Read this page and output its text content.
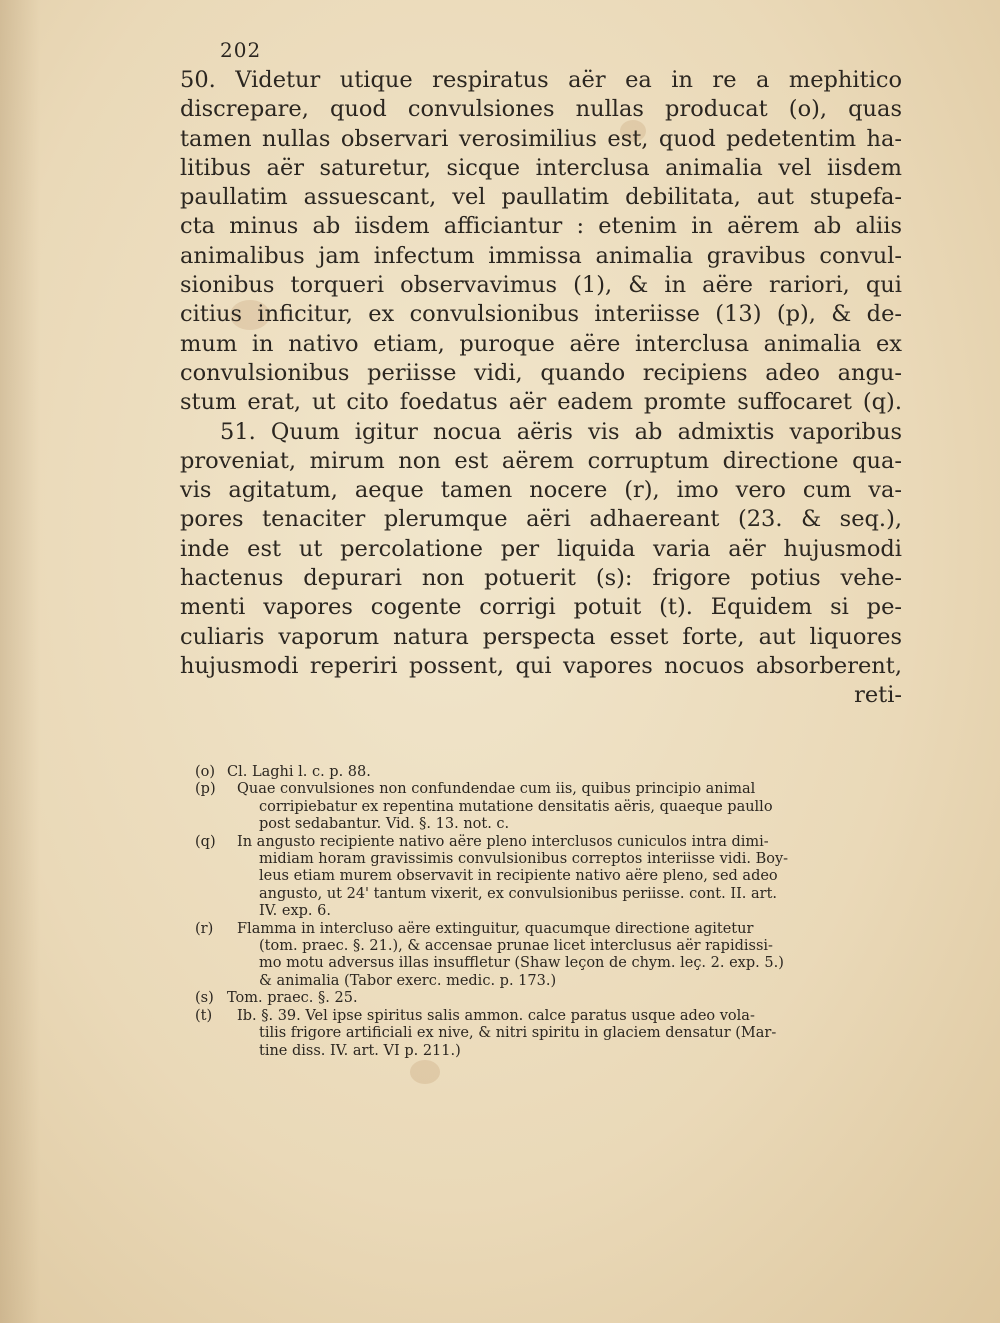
202
50. Videtur utique respiratus aër ea in re a mephitico
discrepare, quod convulsiones nullas producat (o), quas
tamen nullas observari verosimilius est, quod pedetentim ha-
litibus aër saturetur, sicque interclusa animalia vel iisdem
paullatim assuescant, vel paullatim debilitata, aut stupefa-
cta minus ab iisdem afficiantur : etenim in aërem ab aliis
animalibus jam infectum immissa animalia gravibus convul-
sionibus torqueri observavimus (1), & in aëre rariori, qui
citius inficitur, ex convulsionibus interiisse (13) (p), & de-
mum in nativo etiam, puroque aëre interclusa animalia ex
convulsionibus periisse vidi, quando recipiens adeo angu-
stum erat, ut cito foedatus aër eadem promte suffocaret (q).
51. Quum igitur nocua aëris vis ab admixtis vaporibus
proveniat, mirum non est aërem corruptum directione qua-
vis agitatum, aeque tamen nocere (r), imo vero cum va-
pores tenaciter plerumque aëri adhaereant (23. & seq.),
inde est ut percolatione per liquida varia aër hujusmodi
hactenus depurari non potuerit (s): frigore potius vehe-
menti vapores cogente corrigi potuit (t). Equidem si pe-
culiaris vaporum natura perspecta esset forte, aut liquores
hujusmodi reperiri possent, qui vapores nocuos absorberent,
reti-
(o) Cl. Laghi l. c. p. 88.
(p)	Quae convulsiones non confundendae cum iis, quibus principio animal
corripiebatur ex repentina mutatione densitatis aëris, quaeque paullo
post sedabantur. Vid. §. 13. not. c.
(q)	In angusto recipiente nativo aëre pleno interclusos cuniculos intra dimi-
midiam horam gravissimis convulsionibus correptos interiisse vidi. Boy-
leus etiam murem observavit in recipiente nativo aëre pleno, sed adeo
angusto, ut 24' tantum vixerit, ex convulsionibus periisse. cont. II. art.
IV. exp. 6.
(r)	Flamma in intercluso aëre extinguitur, quacumque directione agitetur
(tom. praec. §. 21.), & accensae prunae licet interclusus aër rapidissi-
mo motu adversus illas insuffletur (Shaw leçon de chym. leç. 2. exp. 5.)
& animalia (Tabor exerc. medic. p. 173.)
(s) Tom. praec. §. 25.
(t)	Ib. §. 39. Vel ipse spiritus salis ammon. calce paratus usque adeo vola-
tilis frigore artificiali ex nive, & nitri spiritu in glaciem densatur (Mar-
tine diss. IV. art. VI p. 211.)
